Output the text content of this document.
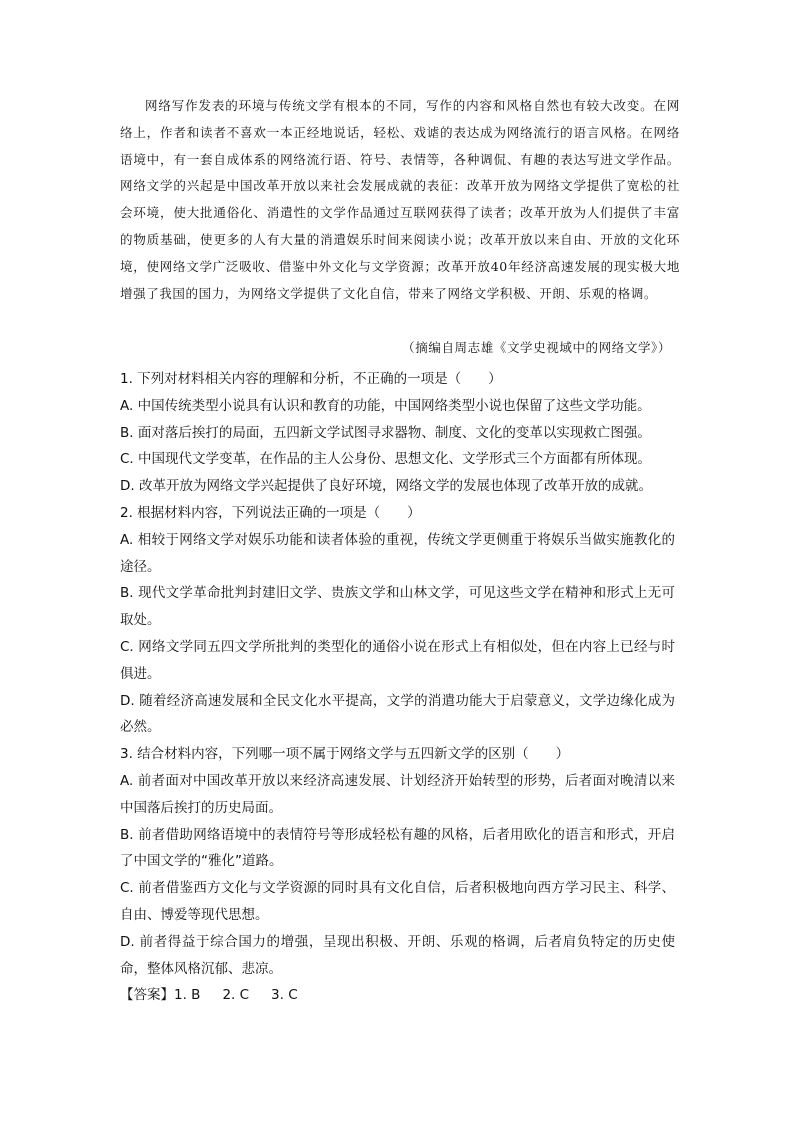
网络写作发表的环境与传统文学有根本的不同，写作的内容和风格自然也有较大改变。在网络上，作者和读者不喜欢一本正经地说话，轻松、戏谑的表达成为网络流行的语言风格。在网络语境中，有一套自成体系的网络流行语、符号、表情等，各种调侃、有趣的表达写进文学作品。网络文学的兴起是中国改革开放以来社会发展成就的表征：改革开放为网络文学提供了宽松的社会环境，使大批通俗化、消遣性的文学作品通过互联网获得了读者；改革开放为人们提供了丰富的物质基础，使更多的人有大量的消遣娱乐时间来阅读小说；改革开放以来自由、开放的文化环境，使网络文学广泛吸收、借鉴中外文化与文学资源；改革开放40年经济高速发展的现实极大地增强了我国的国力，为网络文学提供了文化自信，带来了网络文学积极、开朗、乐观的格调。
（摘编自周志雄《文学史视域中的网络文学》）
1. 下列对材料相关内容的理解和分析，不正确的一项是（　　）
A. 中国传统类型小说具有认识和教育的功能，中国网络类型小说也保留了这些文学功能。
B. 面对落后挨打的局面，五四新文学试图寻求器物、制度、文化的变革以实现救亡图强。
C. 中国现代文学变革，在作品的主人公身份、思想文化、文学形式三个方面都有所体现。
D. 改革开放为网络文学兴起提供了良好环境，网络文学的发展也体现了改革开放的成就。
2. 根据材料内容，下列说法正确的一项是（　　）
A. 相较于网络文学对娱乐功能和读者体验的重视，传统文学更侧重于将娱乐当做实施教化的途径。
B. 现代文学革命批判封建旧文学、贵族文学和山林文学，可见这些文学在精神和形式上无可取处。
C. 网络文学同五四文学所批判的类型化的通俗小说在形式上有相似处，但在内容上已经与时俱进。
D. 随着经济高速发展和全民文化水平提高，文学的消遣功能大于启蒙意义，文学边缘化成为必然。
3. 结合材料内容，下列哪一项不属于网络文学与五四新文学的区别（　　）
A. 前者面对中国改革开放以来经济高速发展、计划经济开始转型的形势，后者面对晚清以来中国落后挨打的历史局面。
B. 前者借助网络语境中的表情符号等形成轻松有趣的风格，后者用欧化的语言和形式，开启了中国文学的“雅化”道路。
C. 前者借鉴西方文化与文学资源的同时具有文化自信，后者积极地向西方学习民主、科学、自由、博爱等现代思想。
D. 前者得益于综合国力的增强，呈现出积极、开朗、乐观的格调，后者肩负特定的历史使命，整体风格沉郁、悲凉。
【答案】1. B 2. C 3. C
